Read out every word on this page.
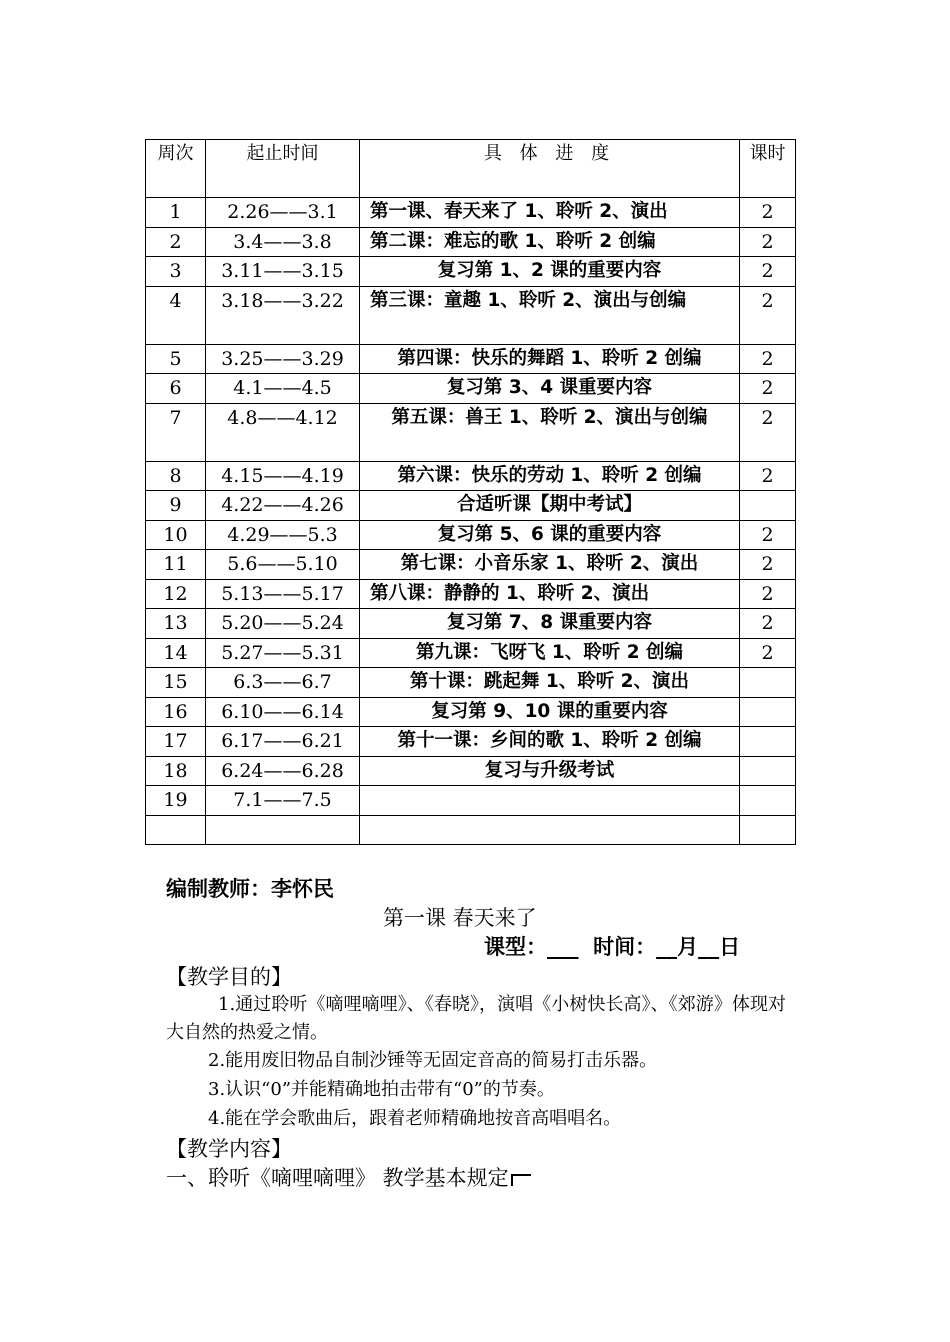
周次	起止时间	具 体 进 度	课时
1	2.26——3.1	第一课、春天来了 1、聆听 2、演出	2
2	3.4——3.8	第二课：难忘的歌 1、聆听 2 创编	2
3	3.11——3.15	复习第 1、2 课的重要内容	2
4	3.18——3.22	第三课：童趣 1、聆听 2、演出与创编	2
5	3.25——3.29	第四课：快乐的舞蹈 1、聆听 2 创编	2
6	4.1——4.5	复习第 3、4 课重要内容	2
7	4.8——4.12	第五课：兽王 1、聆听 2、演出与创编	2
8	4.15——4.19	第六课：快乐的劳动 1、聆听 2 创编	2
9	4.22——4.26	合适听课【期中考试】	
10	4.29——5.3	复习第 5、6 课的重要内容	2
11	5.6——5.10	第七课：小音乐家 1、聆听 2、演出	2
12	5.13——5.17	第八课：静静的 1、聆听 2、演出	2
13	5.20——5.24	复习第 7、8 课重要内容	2
14	5.27——5.31	第九课：飞呀飞 1、聆听 2 创编	2
15	6.3——6.7	第十课：跳起舞 1、聆听 2、演出	
16	6.10——6.14	复习第 9、10 课的重要内容	
17	6.17——6.21	第十一课：乡间的歌 1、聆听 2 创编	
18	6.24——6.28	复习与升级考试	
19	7.1——7.5		

编制教师：李怀民
第一课 春天来了
课型：___  时间：__月__日
【教学目的】
1.通过聆听《嘀哩嘀哩》、《春晓》，演唱《小树快长高》、《郊游》体现对大自然的热爱之情。
2.能用废旧物品自制沙锤等无固定音高的简易打击乐器。
3.认识“0”并能精确地拍击带有“0”的节奏。
4.能在学会歌曲后，跟着老师精确地按音高唱唱名。
【教学内容】
一、聆听《嘀哩嘀哩》 教学基本规定
